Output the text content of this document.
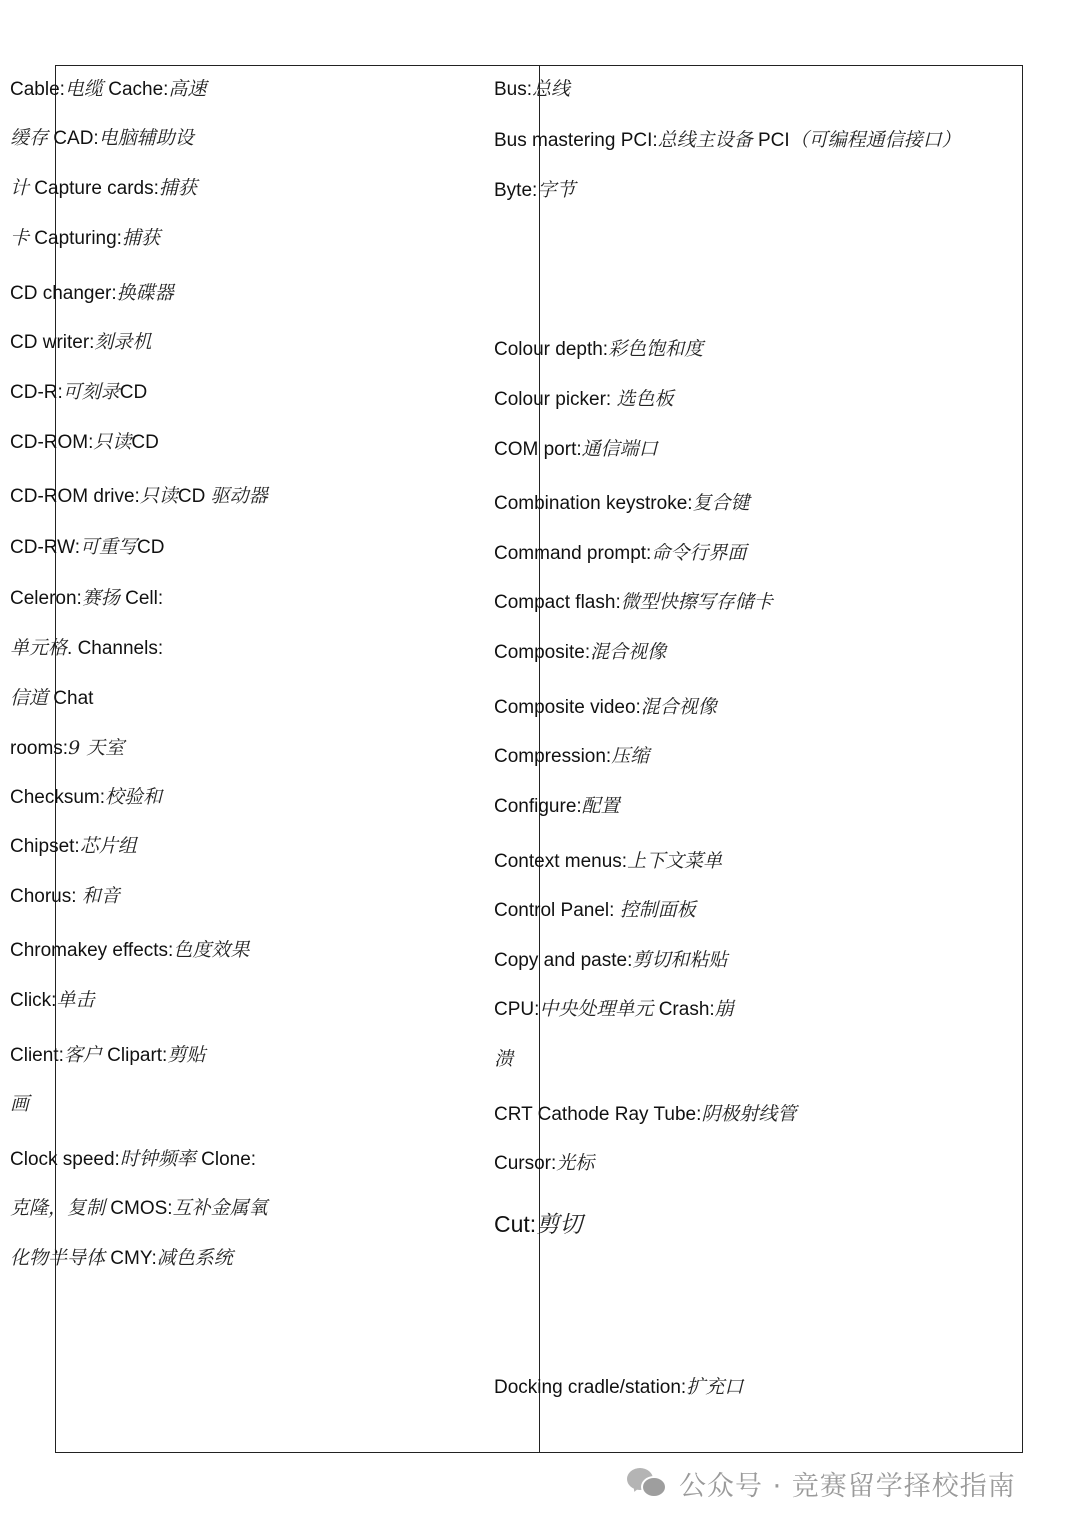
Cable:电缆 Cache:高速
缓存 CAD:电脑辅助设
计 Capture cards:捕获
卡 Capturing:捕获
CD changer:换碟器
CD writer:刻录机
CD-R:可刻录CD
CD-ROM:只读CD
CD-ROM drive:只读CD 驱动器
CD-RW:可重写CD
Celeron:赛扬 Cell:
单元格. Channels:
信道 Chat
rooms:9 天室
Checksum:校验和
Chipset:芯片组
Chorus: 和音
Chromakey effects:色度效果
Click:单击
Client:客户 Clipart:剪贴
画
Clock speed:时钟频率 Clone:
克隆，复制 CMOS:互补金属氧
化物半导体 CMY:减色系统
Bus:总线
Bus mastering PCI:总线主设备 PCI（可编程通信接口）
Byte:字节
Colour depth:彩色饱和度
Colour picker: 选色板
COM port:通信端口
Combination keystroke:复合键
Command prompt:命令行界面
Compact flash:微型快擦写存储卡
Composite:混合视像
Composite video:混合视像
Compression:压缩
Configure:配置
Context menus:上下文菜单
Control Panel: 控制面板
Copy and paste:剪切和粘贴
CPU:中央处理单元 Crash:崩
溃
CRT Cathode Ray Tube:阴极射线管
Cursor:光标
Cut:剪切
Docking cradle/station:扩充口
公众号 · 竞赛留学择校指南
